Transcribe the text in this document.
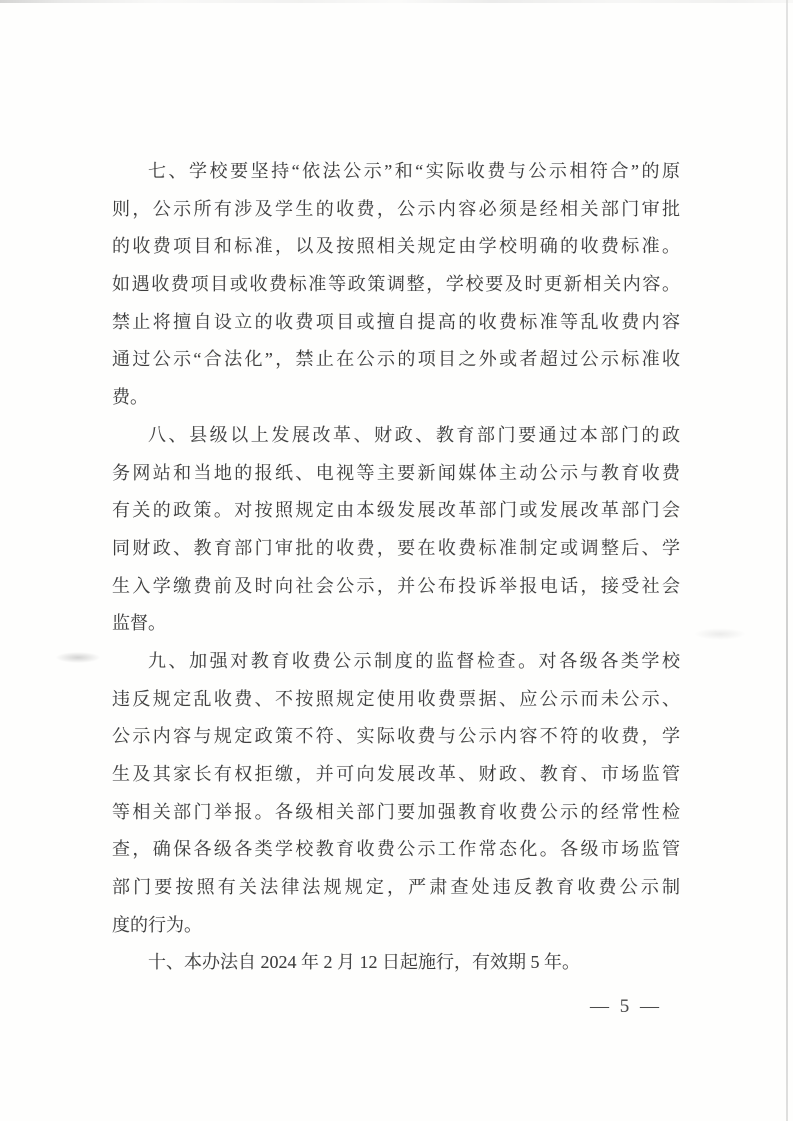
七、学校要坚持“依法公示”和“实际收费与公示相符合”的原
则，公示所有涉及学生的收费，公示内容必须是经相关部门审批
的收费项目和标准，以及按照相关规定由学校明确的收费标准。
如遇收费项目或收费标准等政策调整，学校要及时更新相关内容。
禁止将擅自设立的收费项目或擅自提高的收费标准等乱收费内容
通过公示“合法化”，禁止在公示的项目之外或者超过公示标准收
费。
八、县级以上发展改革、财政、教育部门要通过本部门的政
务网站和当地的报纸、电视等主要新闻媒体主动公示与教育收费
有关的政策。对按照规定由本级发展改革部门或发展改革部门会
同财政、教育部门审批的收费，要在收费标准制定或调整后、学
生入学缴费前及时向社会公示，并公布投诉举报电话，接受社会
监督。
九、加强对教育收费公示制度的监督检查。对各级各类学校
违反规定乱收费、不按照规定使用收费票据、应公示而未公示、
公示内容与规定政策不符、实际收费与公示内容不符的收费，学
生及其家长有权拒缴，并可向发展改革、财政、教育、市场监管
等相关部门举报。各级相关部门要加强教育收费公示的经常性检
查，确保各级各类学校教育收费公示工作常态化。各级市场监管
部门要按照有关法律法规规定，严肃查处违反教育收费公示制
度的行为。
十、本办法自 2024 年 2 月 12 日起施行，有效期 5 年。
— 5 —
